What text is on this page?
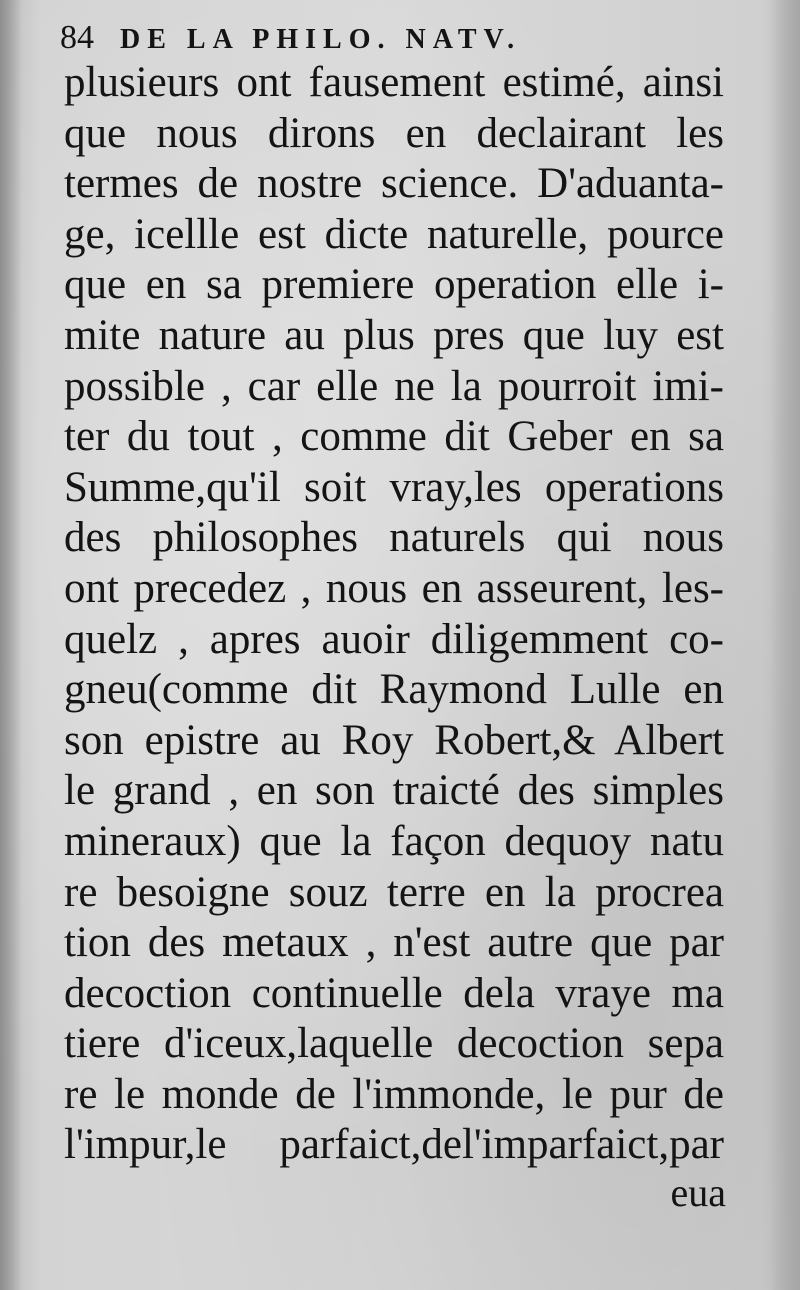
84 DE LA PHILO. NATV.
plusieurs ont fausement estimé, ainsi
que nous dirons en declairant les
termes de nostre science. D'aduanta-
ge, icellle est dicte naturelle, pource
que en sa premiere operation elle i-
mite nature au plus pres que luy est
possible , car elle ne la pourroit imi-
ter du tout , comme dit Geber en sa
Summe,qu'il soit vray,les operations
des philosophes naturels qui nous
ont precedez , nous en asseurent, les-
quelz , apres auoir diligemment co-
gneu(comme dit Raymond Lulle en
son epistre au Roy Robert,& Albert
le grand , en son traicté des simples
mineraux) que la façon dequoy natu
re besoigne souz terre en la procrea
tion des metaux , n'est autre que par
decoction continuelle dela vraye ma
tiere d'iceux,laquelle decoction sepa
re le monde de l'immonde, le pur de
l'impur,le parfaict,del'imparfaict,par
eua
